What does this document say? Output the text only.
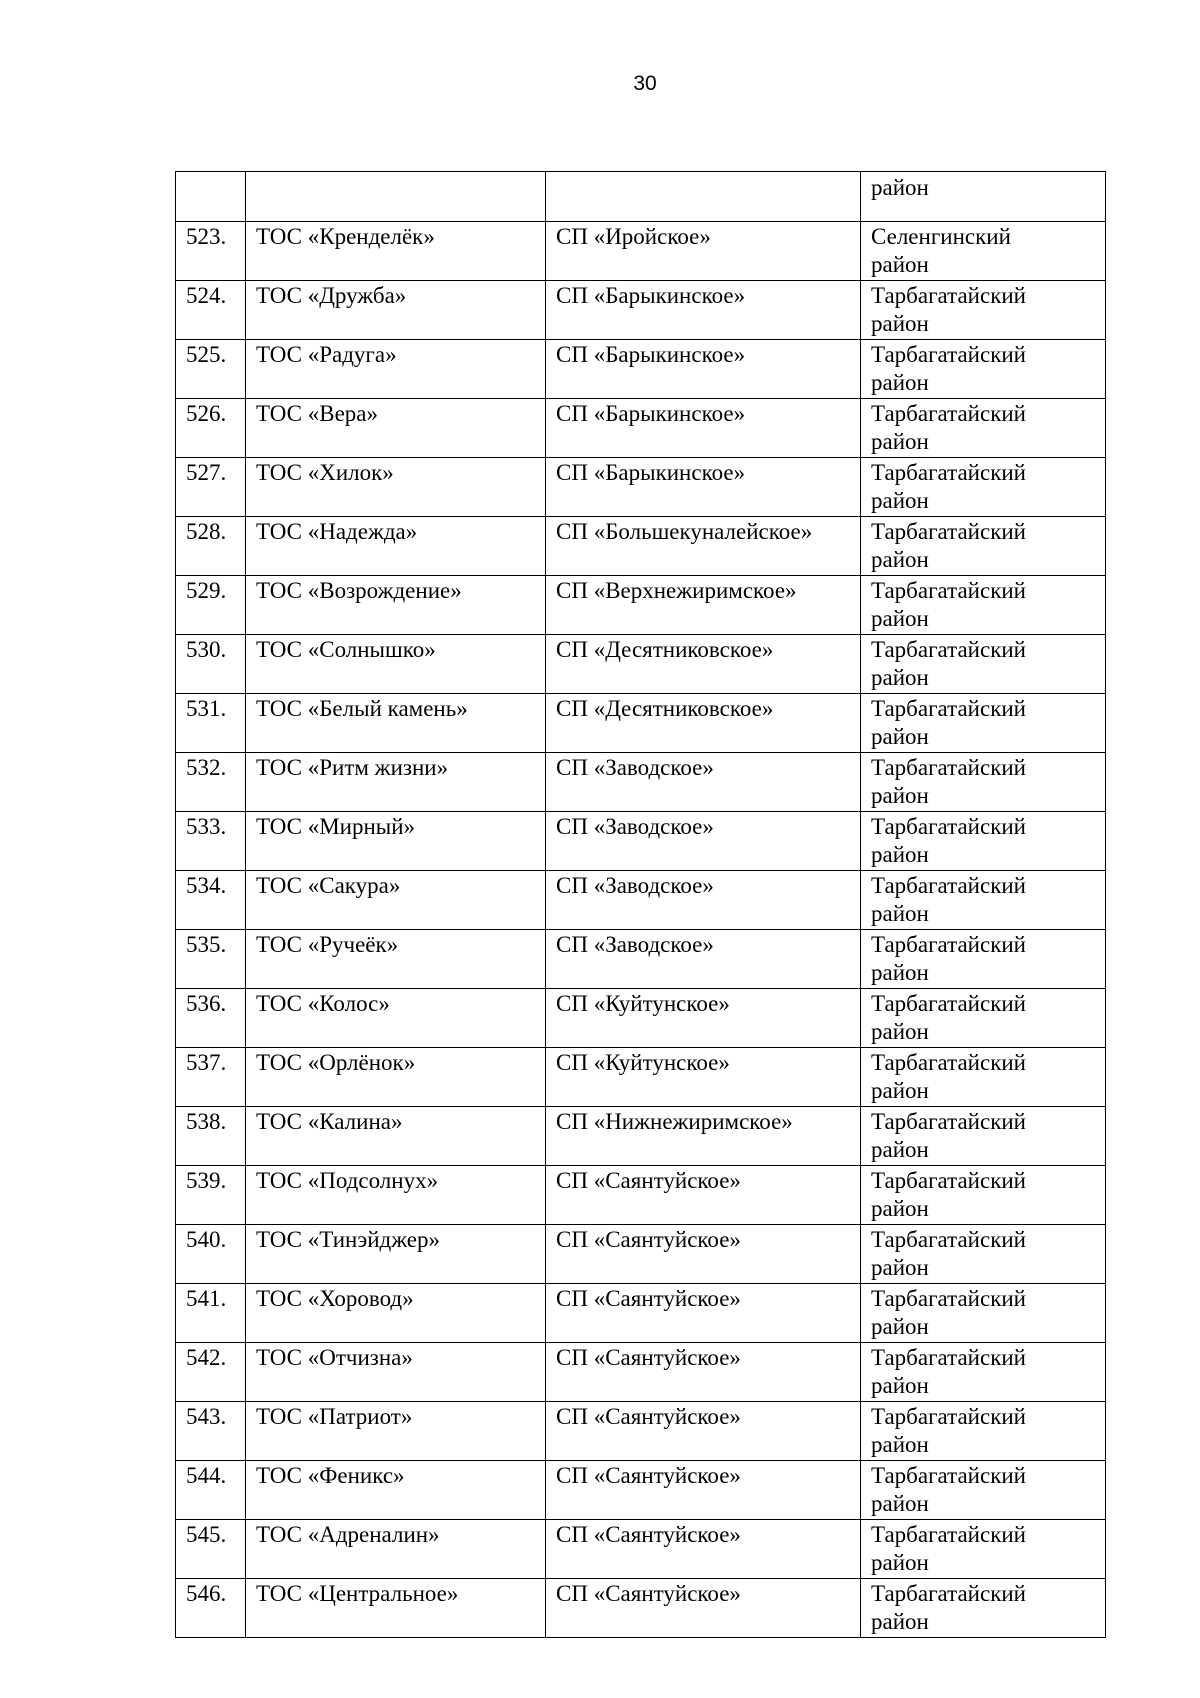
30

			район

523.	ТОС «Кренделёк»	СП «Иройское»	Селенгинский
район

524.	ТОС «Дружба»	СП «Барыкинское»	Тарбагатайский
район

525.	ТОС «Радуга»	СП «Барыкинское»	Тарбагатайский
район

526.	ТОС «Вера»	СП «Барыкинское»	Тарбагатайский
район

527.	ТОС «Хилок»	СП «Барыкинское»	Тарбагатайский
район

528.	ТОС «Надежда»	СП «Большекуналейское»	Тарбагатайский
район

529.	ТОС «Возрождение»	СП «Верхнежиримское»	Тарбагатайский
район

530.	ТОС «Солнышко»	СП «Десятниковское»	Тарбагатайский
район

531.	ТОС «Белый камень»	СП «Десятниковское»	Тарбагатайский
район

532.	ТОС «Ритм жизни»	СП «Заводское»	Тарбагатайский
район

533.	ТОС «Мирный»	СП «Заводское»	Тарбагатайский
район

534.	ТОС «Сакура»	СП «Заводское»	Тарбагатайский
район

535.	ТОС «Ручеёк»	СП «Заводское»	Тарбагатайский
район

536.	ТОС «Колос»	СП «Куйтунское»	Тарбагатайский
район

537.	ТОС «Орлёнок»	СП «Куйтунское»	Тарбагатайский
район

538.	ТОС «Калина»	СП «Нижнежиримское»	Тарбагатайский
район

539.	ТОС «Подсолнух»	СП «Саянтуйское»	Тарбагатайский
район

540.	ТОС «Тинэйджер»	СП «Саянтуйское»	Тарбагатайский
район

541.	ТОС «Хоровод»	СП «Саянтуйское»	Тарбагатайский
район

542.	ТОС «Отчизна»	СП «Саянтуйское»	Тарбагатайский
район

543.	ТОС «Патриот»	СП «Саянтуйское»	Тарбагатайский
район

544.	ТОС «Феникс»	СП «Саянтуйское»	Тарбагатайский
район

545.	ТОС «Адреналин»	СП «Саянтуйское»	Тарбагатайский
район

546.	ТОС «Центральное»	СП «Саянтуйское»	Тарбагатайский
район
